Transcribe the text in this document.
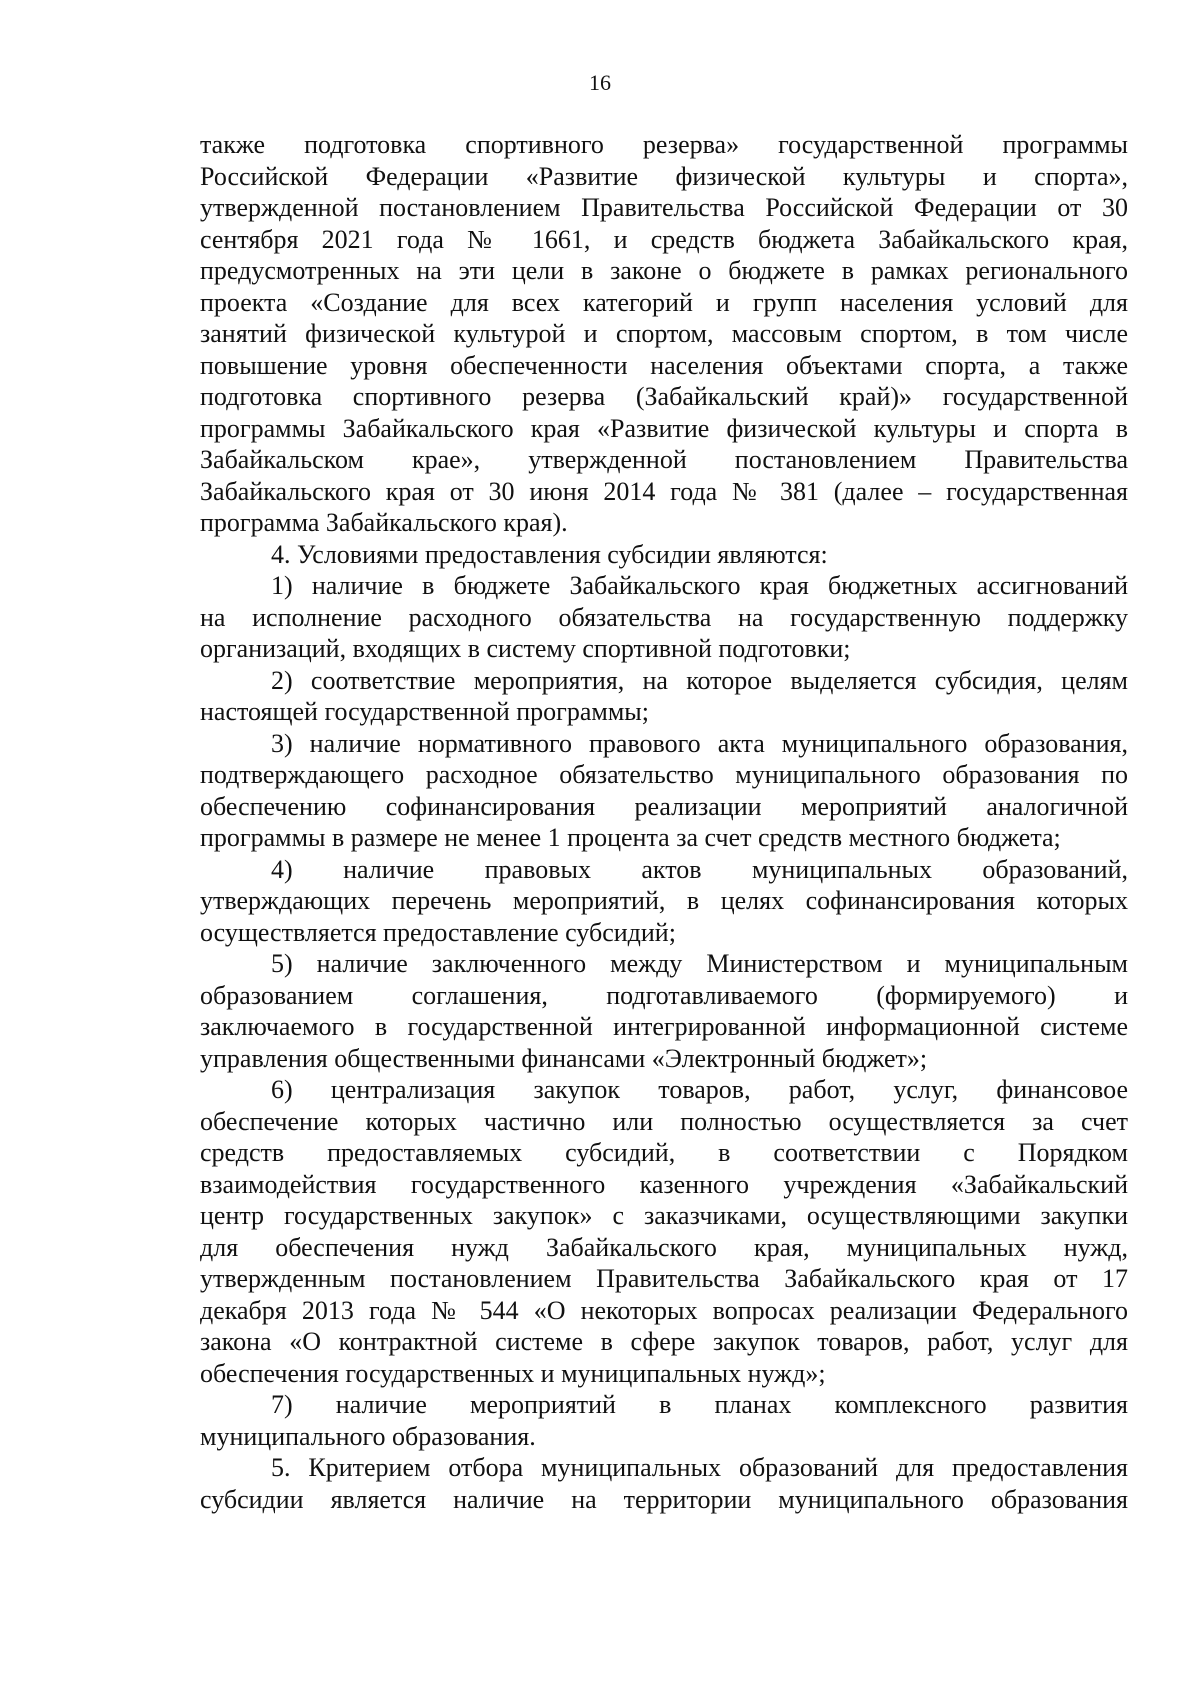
16
также подготовка спортивного резерва» государственной программы
Российской Федерации «Развитие физической культуры и спорта»,
утвержденной постановлением Правительства Российской Федерации от 30
сентября 2021 года № 1661, и средств бюджета Забайкальского края,
предусмотренных на эти цели в законе о бюджете в рамках регионального
проекта «Создание для всех категорий и групп населения условий для
занятий физической культурой и спортом, массовым спортом, в том числе
повышение уровня обеспеченности населения объектами спорта, а также
подготовка спортивного резерва (Забайкальский край)» государственной
программы Забайкальского края «Развитие физической культуры и спорта в
Забайкальском крае», утвержденной постановлением Правительства
Забайкальского края от 30 июня 2014 года № 381 (далее – государственная
программа Забайкальского края).
4. Условиями предоставления субсидии являются:
1) наличие в бюджете Забайкальского края бюджетных ассигнований
на исполнение расходного обязательства на государственную поддержку
организаций, входящих в систему спортивной подготовки;
2) соответствие мероприятия, на которое выделяется субсидия, целям
настоящей государственной программы;
3) наличие нормативного правового акта муниципального образования,
подтверждающего расходное обязательство муниципального образования по
обеспечению софинансирования реализации мероприятий аналогичной
программы в размере не менее 1 процента за счет средств местного бюджета;
4) наличие правовых актов муниципальных образований,
утверждающих перечень мероприятий, в целях софинансирования которых
осуществляется предоставление субсидий;
5) наличие заключенного между Министерством и муниципальным
образованием соглашения, подготавливаемого (формируемого) и
заключаемого в государственной интегрированной информационной системе
управления общественными финансами «Электронный бюджет»;
6) централизация закупок товаров, работ, услуг, финансовое
обеспечение которых частично или полностью осуществляется за счет
средств предоставляемых субсидий, в соответствии с Порядком
взаимодействия государственного казенного учреждения «Забайкальский
центр государственных закупок» с заказчиками, осуществляющими закупки
для обеспечения нужд Забайкальского края, муниципальных нужд,
утвержденным постановлением Правительства Забайкальского края от 17
декабря 2013 года № 544 «О некоторых вопросах реализации Федерального
закона «О контрактной системе в сфере закупок товаров, работ, услуг для
обеспечения государственных и муниципальных нужд»;
7) наличие мероприятий в планах комплексного развития
муниципального образования.
5. Критерием отбора муниципальных образований для предоставления
субсидии является наличие на территории муниципального образования
